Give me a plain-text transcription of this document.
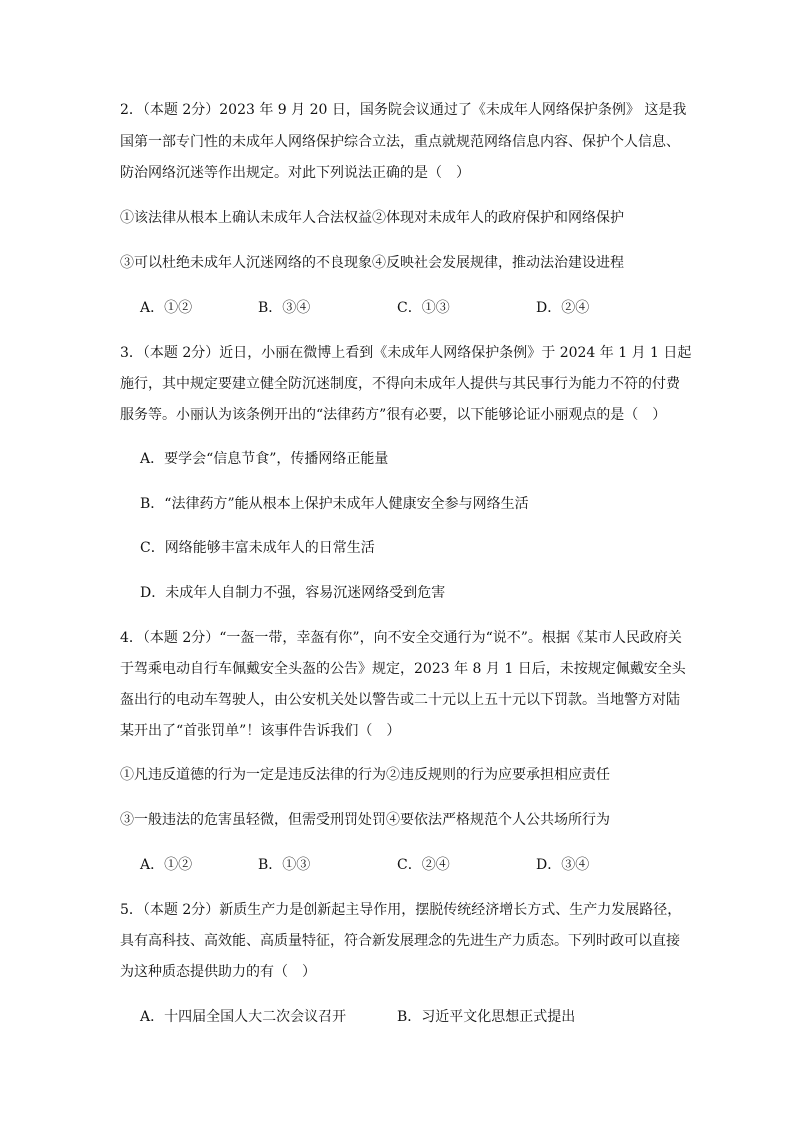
2．（本题 2分）2023 年 9 月 20 日，国务院会议通过了《未成年人网络保护条例》 这是我
国第一部专门性的未成年人网络保护综合立法，重点就规范网络信息内容、保护个人信息、
防治网络沉迷等作出规定。对此下列说法正确的是（　）
①该法律从根本上确认未成年人合法权益②体现对未成年人的政府保护和网络保护
③可以杜绝未成年人沉迷网络的不良现象④反映社会发展规律，推动法治建设进程
A．①②	B．③④	C．①③	D．②④
3．（本题 2分）近日，小丽在微博上看到《未成年人网络保护条例》于 2024 年 1 月 1 日起
施行，其中规定要建立健全防沉迷制度，不得向未成年人提供与其民事行为能力不符的付费
服务等。小丽认为该条例开出的“法律药方”很有必要，以下能够论证小丽观点的是（　）
A．要学会“信息节食”，传播网络正能量
B．“法律药方”能从根本上保护未成年人健康安全参与网络生活
C．网络能够丰富未成年人的日常生活
D．未成年人自制力不强，容易沉迷网络受到危害
4．（本题 2分）“一盔一带，幸盔有你”，向不安全交通行为“说不”。根据《某市人民政府关
于驾乘电动自行车佩戴安全头盔的公告》规定，2023 年 8 月 1 日后，未按规定佩戴安全头
盔出行的电动车驾驶人，由公安机关处以警告或二十元以上五十元以下罚款。当地警方对陆
某开出了“首张罚单”！该事件告诉我们（　）
①凡违反道德的行为一定是违反法律的行为②违反规则的行为应要承担相应责任
③一般违法的危害虽轻微，但需受刑罚处罚④要依法严格规范个人公共场所行为
A．①②	B．①③	C．②④	D．③④
5．（本题 2分）新质生产力是创新起主导作用，摆脱传统经济增长方式、生产力发展路径，
具有高科技、高效能、高质量特征，符合新发展理念的先进生产力质态。下列时政可以直接
为这种质态提供助力的有（　）
A．十四届全国人大二次会议召开	B．习近平文化思想正式提出
